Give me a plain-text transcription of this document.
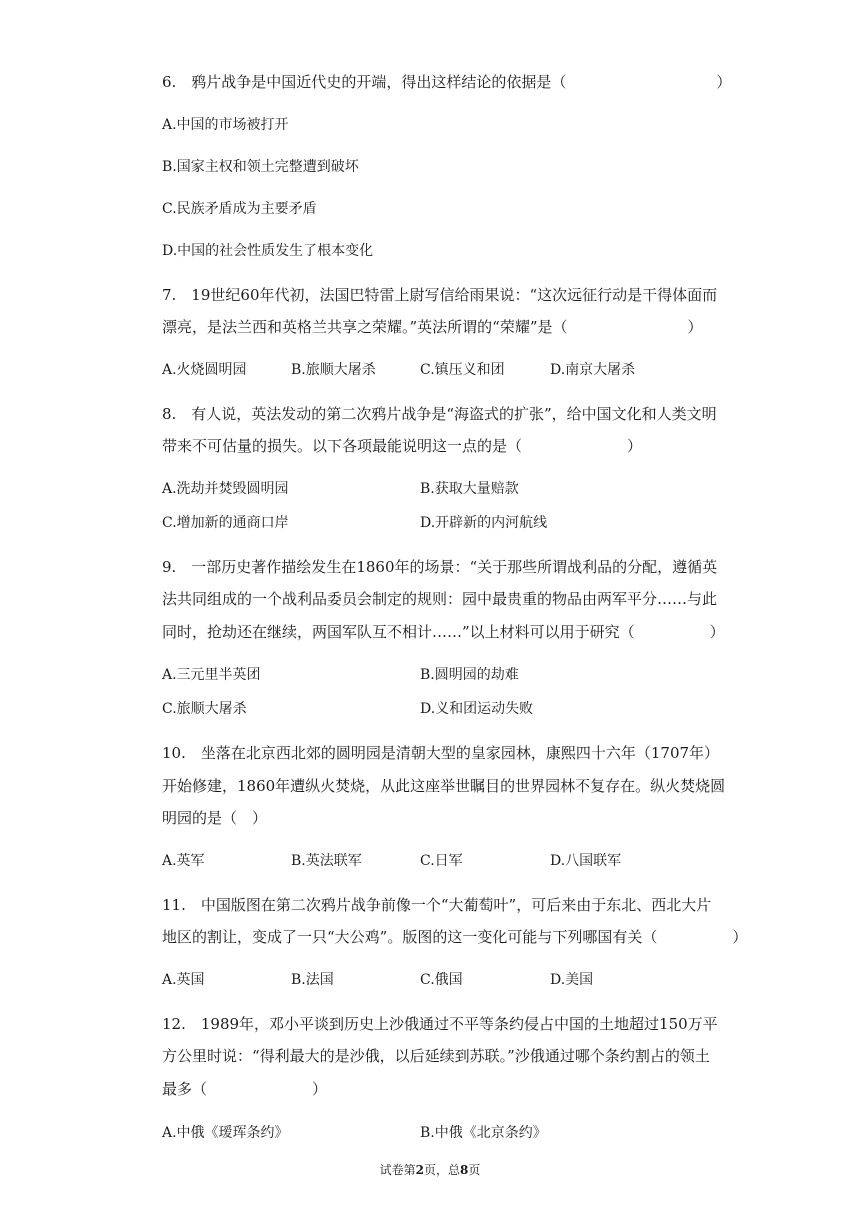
6.　鸦片战争是中国近代史的开端，得出这样结论的依据是（　　　　　　　　　　）
A.中国的市场被打开
B.国家主权和领土完整遭到破坏
C.民族矛盾成为主要矛盾
D.中国的社会性质发生了根本变化
7.　19世纪60年代初，法国巴特雷上尉写信给雨果说：“这次远征行动是干得体面而
漂亮，是法兰西和英格兰共享之荣耀。”英法所谓的“荣耀”是（　　　　　　　　）
A.火烧圆明园	B.旅顺大屠杀	C.镇压义和团	D.南京大屠杀
8.　有人说，英法发动的第二次鸦片战争是“海盗式的扩张”，给中国文化和人类文明
带来不可估量的损失。以下各项最能说明这一点的是（　　　　　　　）
A.洗劫并焚毁圆明园	B.获取大量赔款
C.增加新的通商口岸	D.开辟新的内河航线
9.　一部历史著作描绘发生在1860年的场景：“关于那些所谓战利品的分配，遵循英
法共同组成的一个战利品委员会制定的规则：园中最贵重的物品由两军平分……与此
同时，抢劫还在继续，两国军队互不相计……”以上材料可以用于研究（　　　　　）
A.三元里半英团	B.圆明园的劫难
C.旅顺大屠杀	D.义和团运动失败
10.　坐落在北京西北郊的圆明园是清朝大型的皇家园林，康熙四十六年（1707年）
开始修建，1860年遭纵火焚烧，从此这座举世瞩目的世界园林不复存在。纵火焚烧圆
明园的是（　）
A.英军	B.英法联军	C.日军	D.八国联军
11.　中国版图在第二次鸦片战争前像一个“大葡萄叶”，可后来由于东北、西北大片
地区的割让，变成了一只“大公鸡”。版图的这一变化可能与下列哪国有关（　　　　　）
A.英国	B.法国	C.俄国	D.美国
12.　1989年，邓小平谈到历史上沙俄通过不平等条约侵占中国的土地超过150万平
方公里时说：“得利最大的是沙俄，以后延续到苏联。”沙俄通过哪个条约割占的领土
最多（　　　　　　　）
A.中俄《瑷珲条约》	B.中俄《北京条约》
试卷第2页，总8页
